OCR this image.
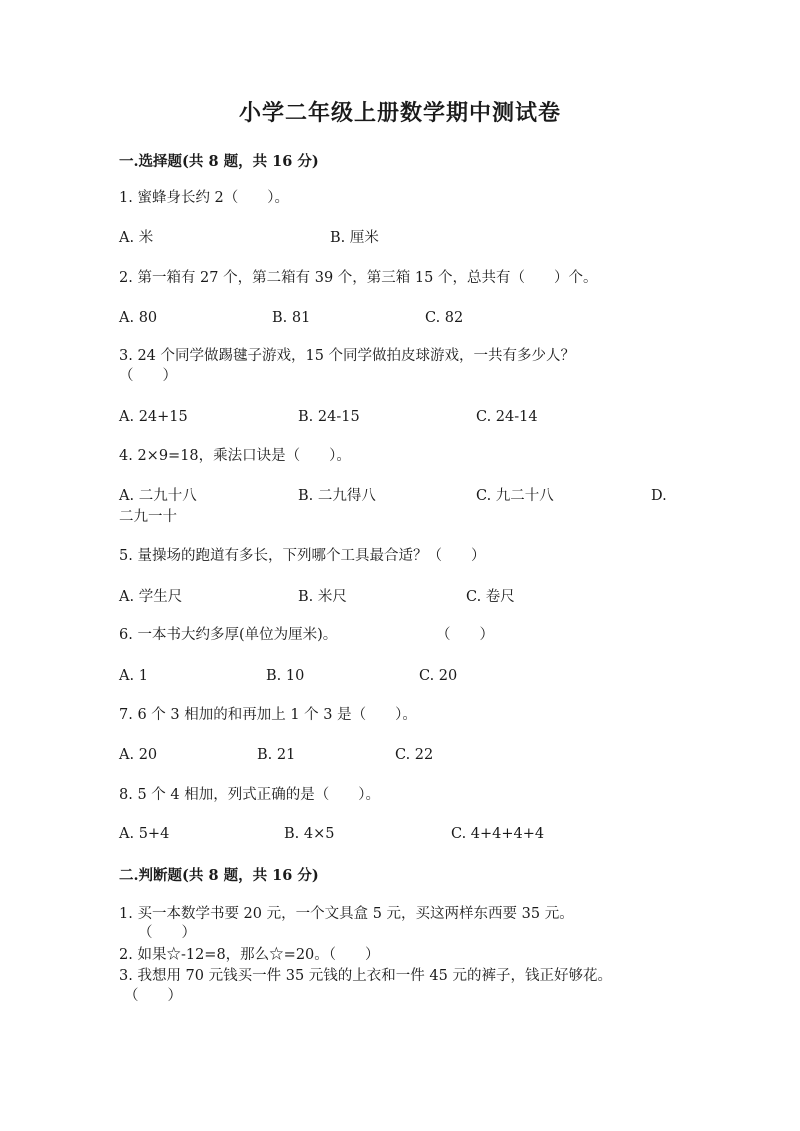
小学二年级上册数学期中测试卷
一.选择题(共 8 题，共 16 分)
1. 蜜蜂身长约 2（　　）。
A. 米	B. 厘米
2. 第一箱有 27 个，第二箱有 39 个，第三箱 15 个，总共有（　　）个。
A. 80	B. 81	C. 82
3. 24 个同学做踢毽子游戏，15 个同学做拍皮球游戏，一共有多少人？
（　　）
A. 24+15	B. 24-15	C. 24-14
4. 2×9=18，乘法口诀是（　　）。
A. 二九十八	B. 二九得八	C. 九二十八	D.
二九一十
5. 量操场的跑道有多长，下列哪个工具最合适？（　　）
A. 学生尺	B. 米尺	C. 卷尺
6. 一本书大约多厚(单位为厘米)。	（　　）
A. 1	B. 10	C. 20
7. 6 个 3 相加的和再加上 1 个 3 是（　　）。
A. 20	B. 21	C. 22
8. 5 个 4 相加，列式正确的是（　　）。
A. 5+4	B. 4×5	C. 4+4+4+4
二.判断题(共 8 题，共 16 分)
1. 买一本数学书要 20 元，一个文具盒 5 元，买这两样东西要 35 元。
（　　）
2. 如果☆-12=8，那么☆=20。（　　）
3. 我想用 70 元钱买一件 35 元钱的上衣和一件 45 元的裤子，钱正好够花。
（　　）
